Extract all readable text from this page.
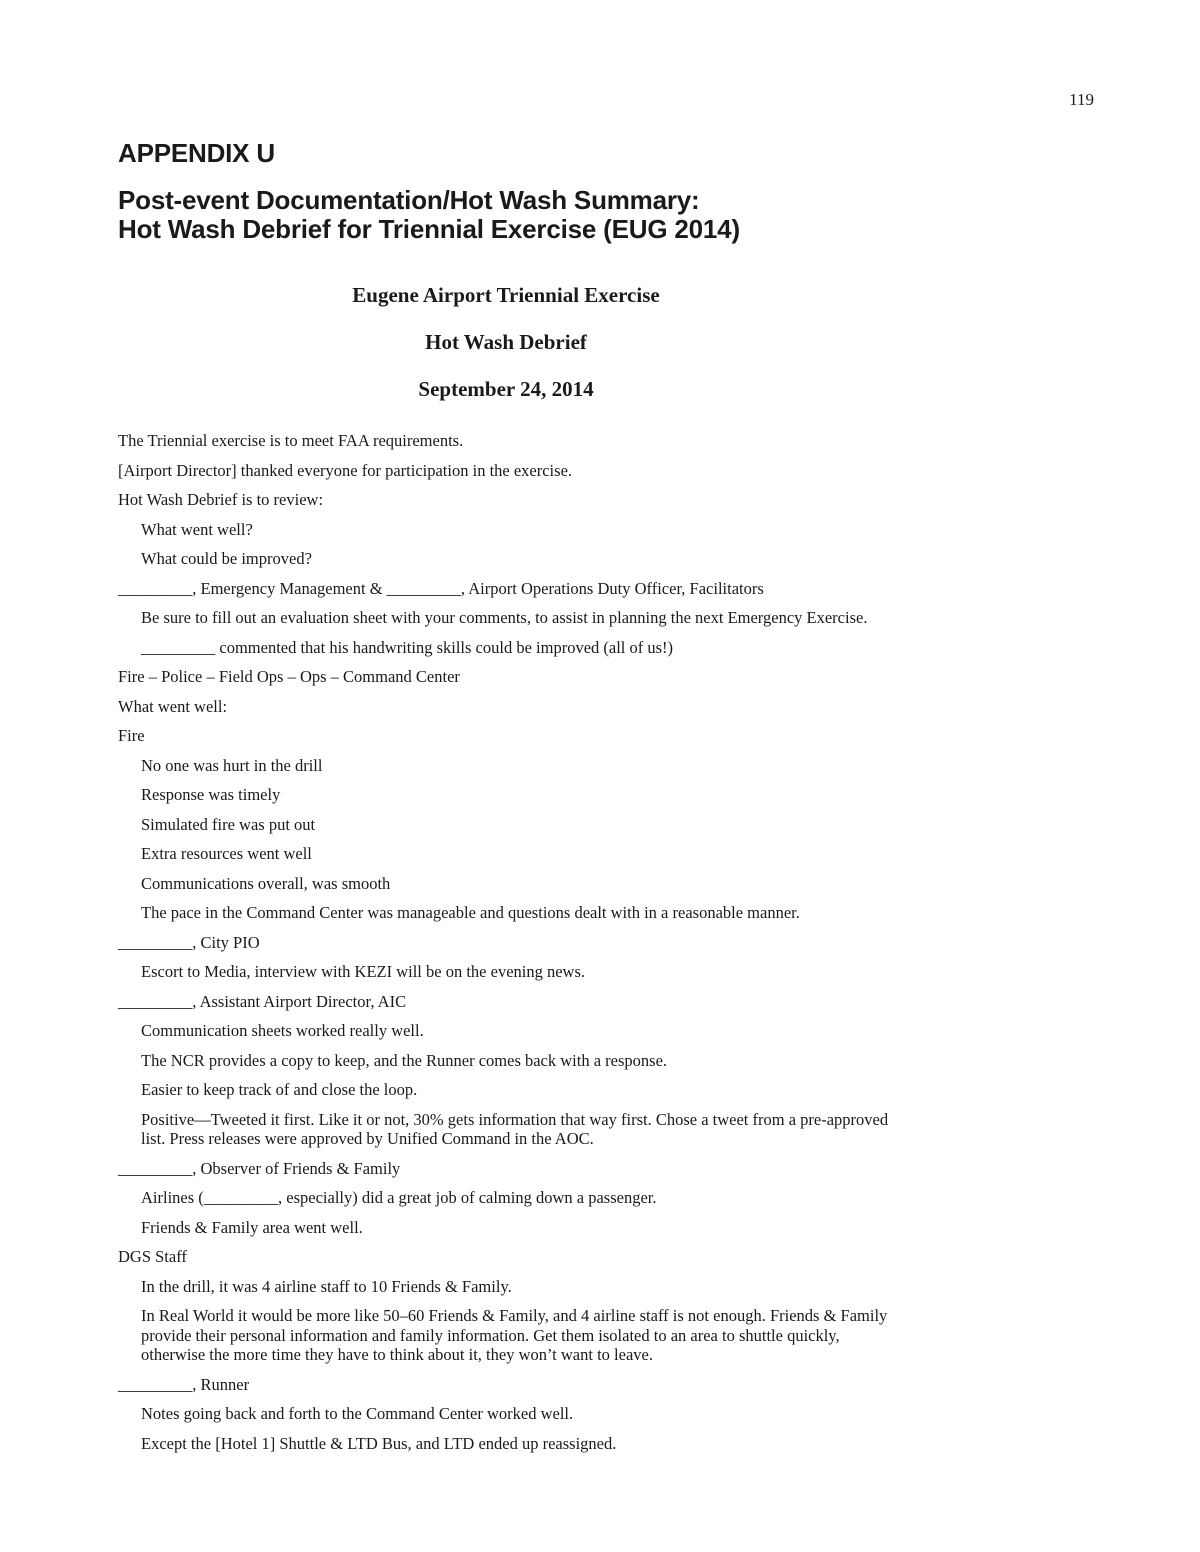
119
APPENDIX U
Post-event Documentation/Hot Wash Summary:
Hot Wash Debrief for Triennial Exercise (EUG 2014)
Eugene Airport Triennial Exercise
Hot Wash Debrief
September 24, 2014
The Triennial exercise is to meet FAA requirements.
[Airport Director] thanked everyone for participation in the exercise.
Hot Wash Debrief is to review:
What went well?
What could be improved?
_________, Emergency Management & _________, Airport Operations Duty Officer, Facilitators
Be sure to fill out an evaluation sheet with your comments, to assist in planning the next Emergency Exercise.
_________ commented that his handwriting skills could be improved (all of us!)
Fire – Police – Field Ops – Ops – Command Center
What went well:
Fire
No one was hurt in the drill
Response was timely
Simulated fire was put out
Extra resources went well
Communications overall, was smooth
The pace in the Command Center was manageable and questions dealt with in a reasonable manner.
_________, City PIO
Escort to Media, interview with KEZI will be on the evening news.
_________, Assistant Airport Director, AIC
Communication sheets worked really well.
The NCR provides a copy to keep, and the Runner comes back with a response.
Easier to keep track of and close the loop.
Positive—Tweeted it first. Like it or not, 30% gets information that way first. Chose a tweet from a pre-approved list. Press releases were approved by Unified Command in the AOC.
_________, Observer of Friends & Family
Airlines (_________, especially) did a great job of calming down a passenger.
Friends & Family area went well.
DGS Staff
In the drill, it was 4 airline staff to 10 Friends & Family.
In Real World it would be more like 50–60 Friends & Family, and 4 airline staff is not enough. Friends & Family provide their personal information and family information. Get them isolated to an area to shuttle quickly, otherwise the more time they have to think about it, they won’t want to leave.
_________, Runner
Notes going back and forth to the Command Center worked well.
Except the [Hotel 1] Shuttle & LTD Bus, and LTD ended up reassigned.
